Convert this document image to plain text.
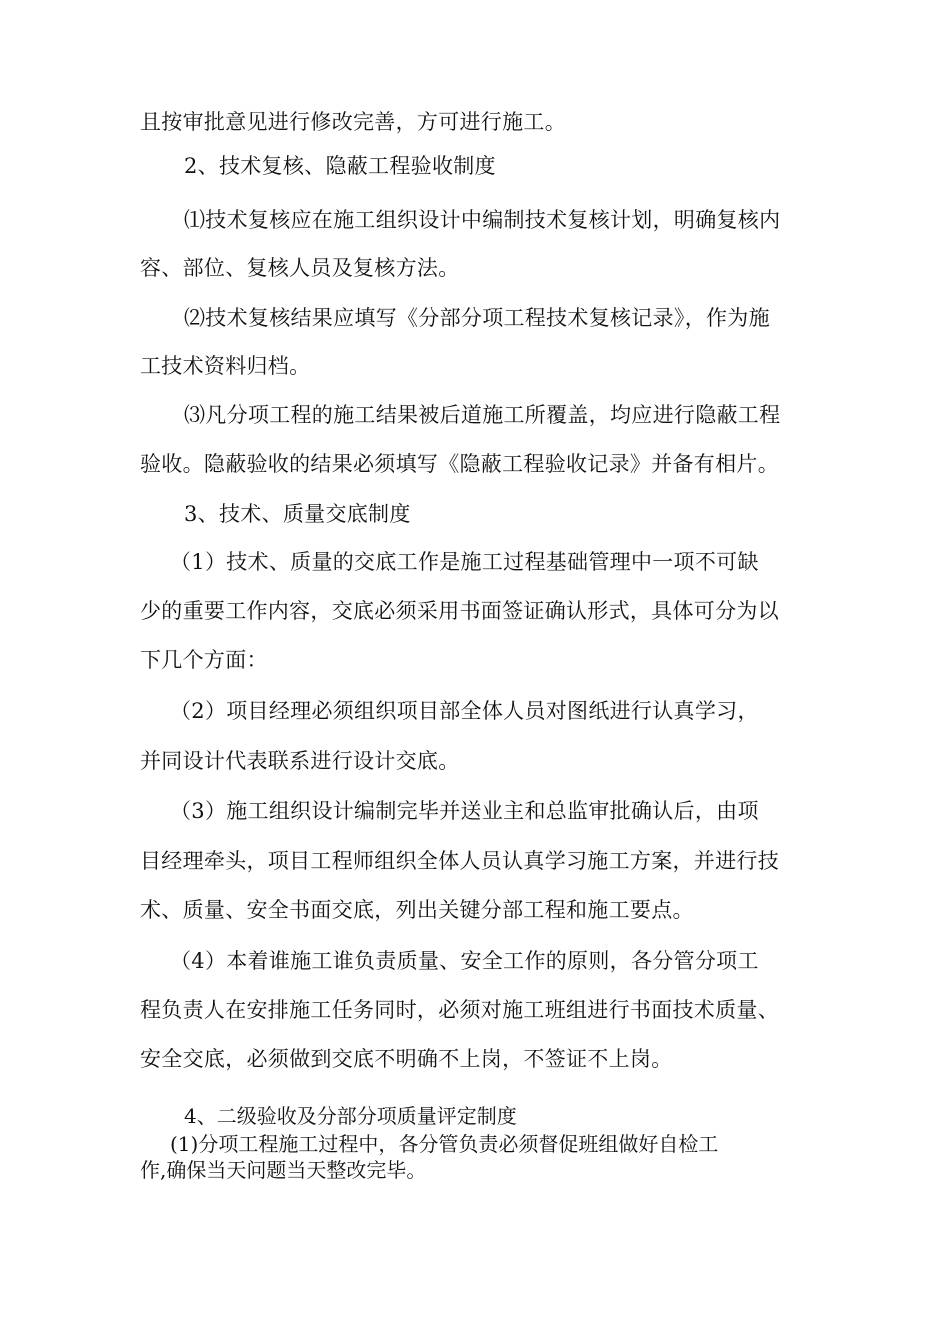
且按审批意见进行修改完善，方可进行施工。
2、技术复核、隐蔽工程验收制度
⑴技术复核应在施工组织设计中编制技术复核计划，明确复核内
容、部位、复核人员及复核方法。
⑵技术复核结果应填写《分部分项工程技术复核记录》，作为施
工技术资料归档。
⑶凡分项工程的施工结果被后道施工所覆盖，均应进行隐蔽工程
验收。隐蔽验收的结果必须填写《隐蔽工程验收记录》并备有相片。
3、技术、质量交底制度
（1）技术、质量的交底工作是施工过程基础管理中一项不可缺
少的重要工作内容，交底必须采用书面签证确认形式，具体可分为以
下几个方面：
（2）项目经理必须组织项目部全体人员对图纸进行认真学习，
并同设计代表联系进行设计交底。
（3）施工组织设计编制完毕并送业主和总监审批确认后，由项
目经理牵头，项目工程师组织全体人员认真学习施工方案，并进行技
术、质量、安全书面交底，列出关键分部工程和施工要点。
（4）本着谁施工谁负责质量、安全工作的原则，各分管分项工
程负责人在安排施工任务同时，必须对施工班组进行书面技术质量、
安全交底，必须做到交底不明确不上岗，不签证不上岗。
4、二级验收及分部分项质量评定制度
(1)分项工程施工过程中，各分管负责必须督促班组做好自检工
作,确保当天问题当天整改完毕。
